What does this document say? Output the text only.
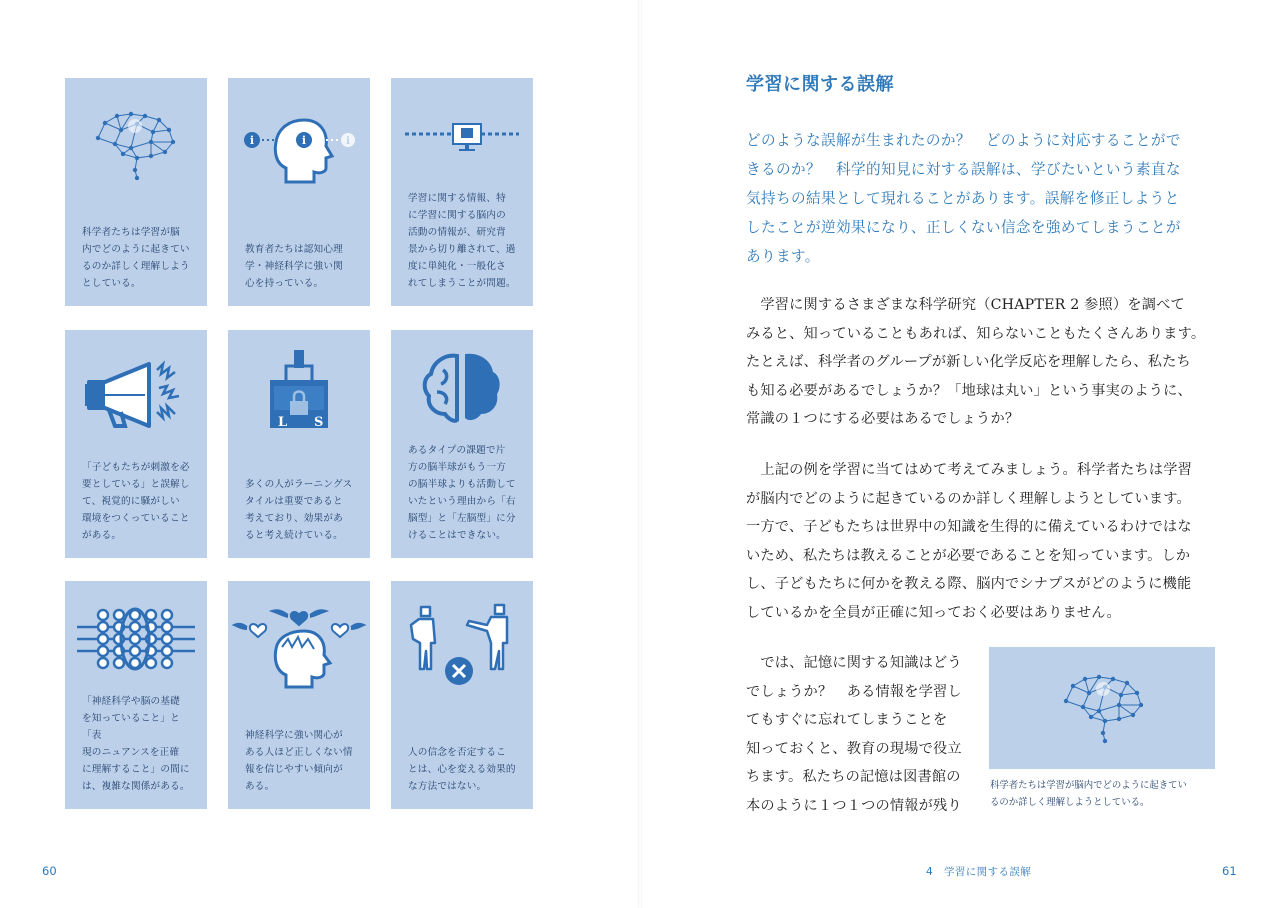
科学者たちは学習が脳
内でどのように起きてい
るのか詳しく理解しよう
としている。
i	i	i
教育者たちは認知心理
学・神経科学に強い関
心を持っている。
学習に関する情報、特
に学習に関する脳内の
活動の情報が、研究背
景から切り離されて、過
度に単純化・一般化さ
れてしまうことが問題。
「子どもたちが刺激を必
要としている」と誤解し
て、視覚的に騒がしい
環境をつくっていること
がある。
L S
多くの人がラーニングス
タイルは重要であると
考えており、効果があ
ると考え続けている。
あるタイプの課題で片
方の脳半球がもう一方
の脳半球よりも活動して
いたという理由から「右
脳型」と「左脳型」に分
けることはできない。
「神経科学や脳の基礎
を知っていること」と「表
現のニュアンスを正確
に理解すること」の間に
は、複雑な関係がある。
神経科学に強い関心が
ある人ほど正しくない情
報を信じやすい傾向が
ある。
人の信念を否定するこ
とは、心を変える効果的
な方法ではない。
60
学習に関する誤解
どのような誤解が生まれたのか？　どのように対応することがで
きるのか？　科学的知見に対する誤解は、学びたいという素直な
気持ちの結果として現れることがあります。誤解を修正しようと
したことが逆効果になり、正しくない信念を強めてしまうことが
あります。
　学習に関するさまざまな科学研究（CHAPTER 2 参照）を調べて
みると、知っていることもあれば、知らないこともたくさんあります。
たとえば、科学者のグループが新しい化学反応を理解したら、私たち
も知る必要があるでしょうか？「地球は丸い」という事実のように、
常識の１つにする必要はあるでしょうか？
　上記の例を学習に当てはめて考えてみましょう。科学者たちは学習
が脳内でどのように起きているのか詳しく理解しようとしています。
一方で、子どもたちは世界中の知識を生得的に備えているわけではな
いため、私たちは教えることが必要であることを知っています。しか
し、子どもたちに何かを教える際、脳内でシナプスがどのように機能
しているかを全員が正確に知っておく必要はありません。
　では、記憶に関する知識はどう
でしょうか？　ある情報を学習し
てもすぐに忘れてしまうことを
知っておくと、教育の現場で役立
ちます。私たちの記憶は図書館の
本のように１つ１つの情報が残り
科学者たちは学習が脳内でどのように起きてい
るのか詳しく理解しようとしている。
4　学習に関する誤解	61
